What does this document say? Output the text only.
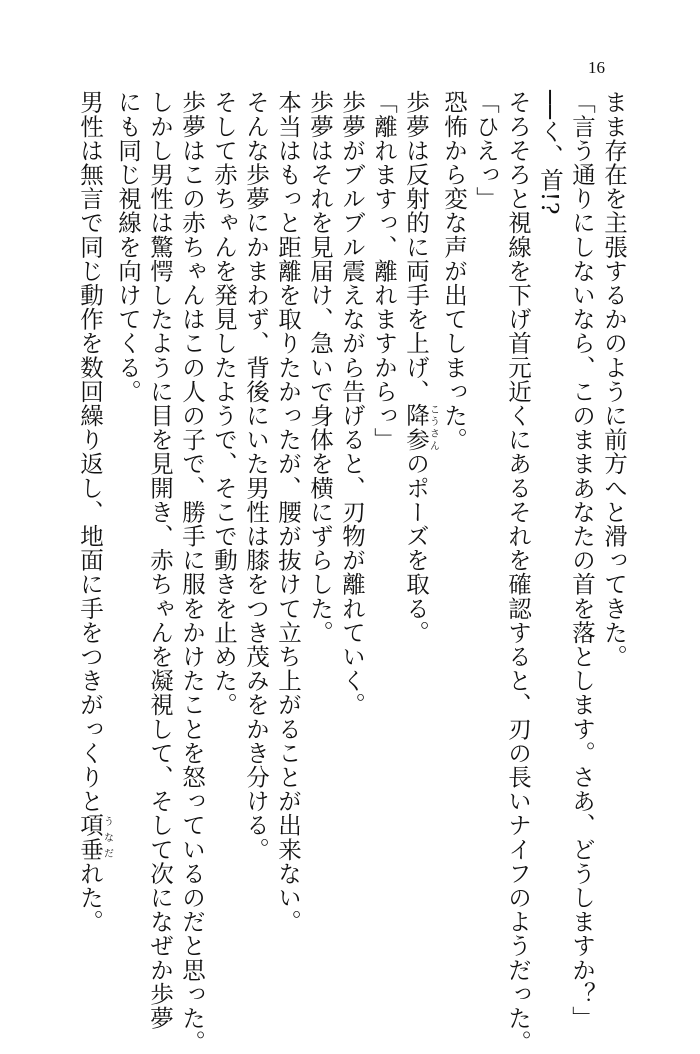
16
まま存在を主張するかのように前方へと滑ってきた。
「言う通りにしないなら、このままあなたの首を落とします。さあ、どうしますか？」
──く、首!?
そろそろと視線を下げ首元近くにあるそれを確認すると、刃の長いナイフのようだった。
「ひえっ」
恐怖から変な声が出てしまった。
歩夢は反射的に両手を上げ、降参こうさんのポーズを取る。
「離れますっ、離れますからっ」
歩夢がブルブル震えながら告げると、刃物が離れていく。
歩夢はそれを見届け、急いで身体を横にずらした。
本当はもっと距離を取りたかったが、腰が抜けて立ち上がることが出来ない。
そんな歩夢にかまわず、背後にいた男性は膝をつき茂みをかき分ける。
そして赤ちゃんを発見したようで、そこで動きを止めた。
歩夢はこの赤ちゃんはこの人の子で、勝手に服をかけたことを怒っているのだと思った。
しかし男性は驚愕したように目を見開き、赤ちゃんを凝視して、そして次になぜか歩夢
にも同じ視線を向けてくる。
男性は無言で同じ動作を数回繰り返し、地面に手をつきがっくりと項垂うなだれた。
